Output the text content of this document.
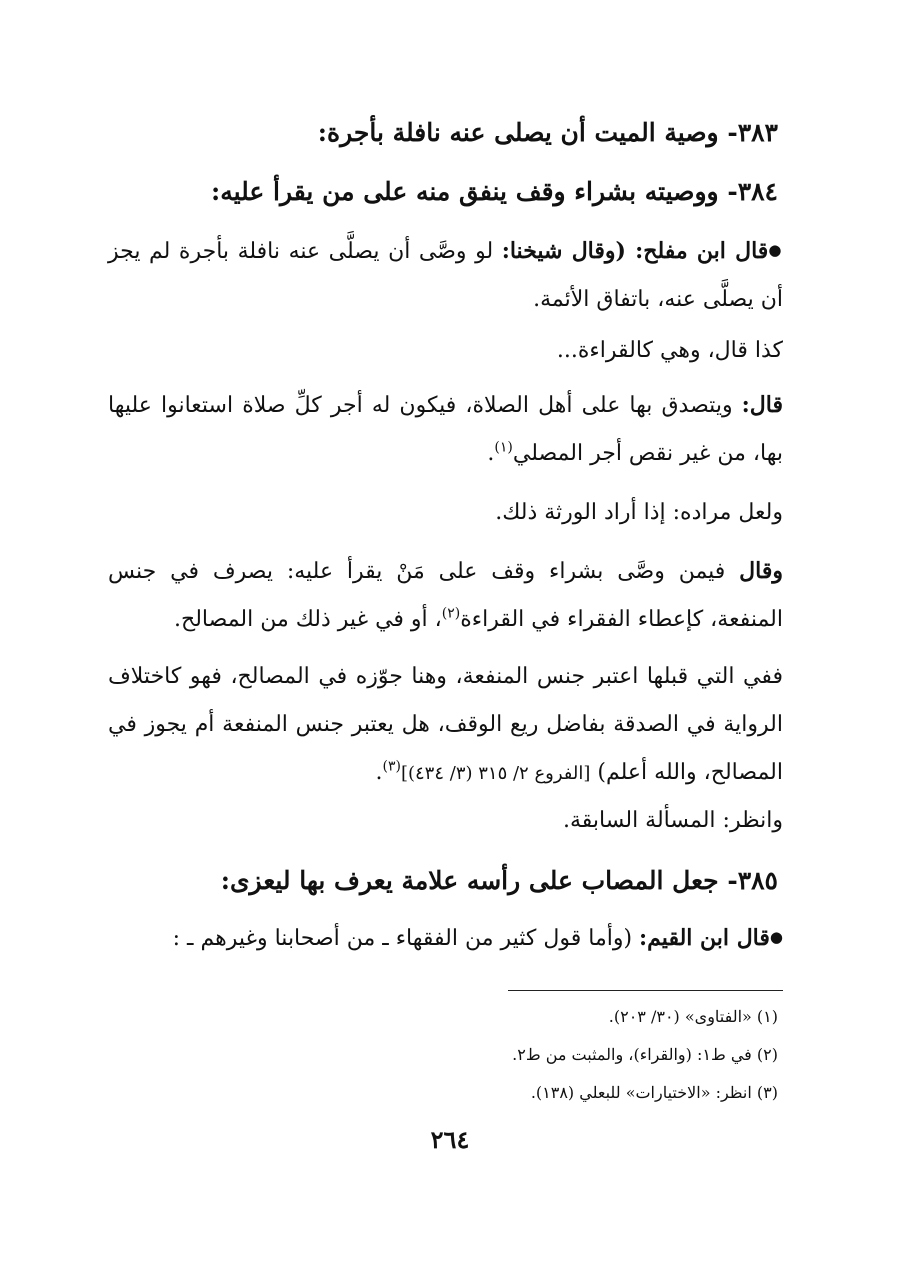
٣٨٣- وصية الميت أن يصلى عنه نافلة بأجرة:
٣٨٤- ووصيته بشراء وقف ينفق منه على من يقرأ عليه:
●قال ابن مفلح: (وقال شيخنا: لو وصَّى أن يصلَّى عنه نافلة بأجرة لم يجز أن يصلَّى عنه، باتفاق الأئمة.
كذا قال، وهي كالقراءة...
قال: ويتصدق بها على أهل الصلاة، فيكون له أجر كلِّ صلاة استعانوا عليها بها، من غير نقص أجر المصلي$^{(١)}$.
ولعل مراده: إذا أراد الورثة ذلك.
وقال فيمن وصَّى بشراء وقف على مَنْ يقرأ عليه: يصرف في جنس المنفعة، كإعطاء الفقراء في القراءة$^{(٢)}$، أو في غير ذلك من المصالح.
ففي التي قبلها اعتبر جنس المنفعة، وهنا جوّزه في المصالح، فهو كاختلاف الرواية في الصدقة بفاضل ريع الوقف، هل يعتبر جنس المنفعة أم يجوز في المصالح، والله أعلم) [الفروع ٢/ ٣١٥ (٣/ ٤٣٤)]$^{(٣)}$.
وانظر: المسألة السابقة.
٣٨٥- جعل المصاب على رأسه علامة يعرف بها ليعزى:
●قال ابن القيم: (وأما قول كثير من الفقهاء ـ من أصحابنا وغيرهم ـ :
(١) «الفتاوى» (٣٠/ ٢٠٣).
(٢) في ط١: (والقراء)، والمثبت من ط٢.
(٣) انظر: «الاختيارات» للبعلي (١٣٨).
٢٦٤
